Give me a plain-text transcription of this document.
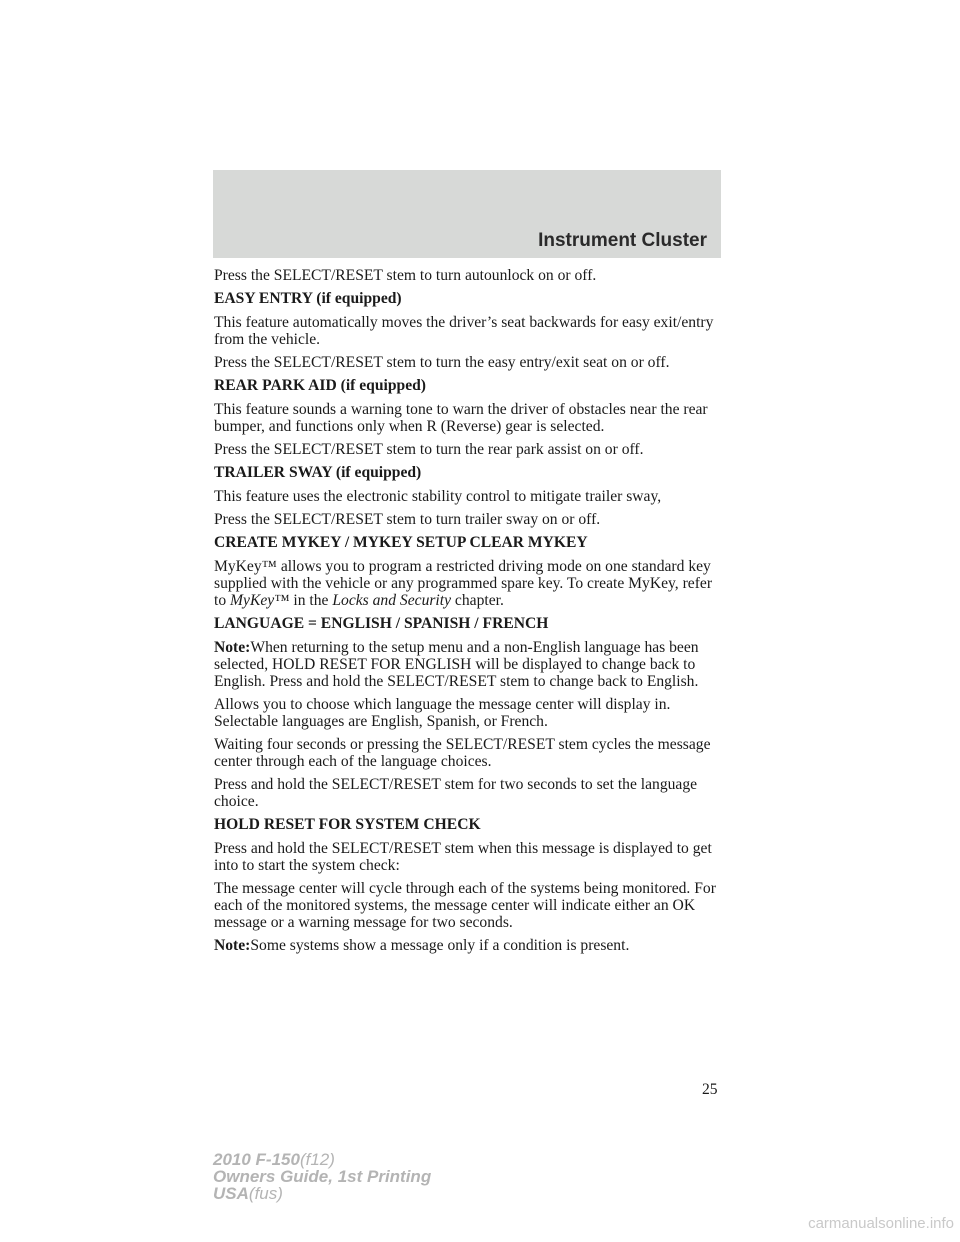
Instrument Cluster

Press the SELECT/RESET stem to turn autounlock on or off.

EASY ENTRY (if equipped)

This feature automatically moves the driver’s seat backwards for easy exit/entry from the vehicle.

Press the SELECT/RESET stem to turn the easy entry/exit seat on or off.

REAR PARK AID (if equipped)

This feature sounds a warning tone to warn the driver of obstacles near the rear bumper, and functions only when R (Reverse) gear is selected.

Press the SELECT/RESET stem to turn the rear park assist on or off.

TRAILER SWAY (if equipped)

This feature uses the electronic stability control to mitigate trailer sway,

Press the SELECT/RESET stem to turn trailer sway on or off.

CREATE MYKEY / MYKEY SETUP CLEAR MYKEY

MyKey™ allows you to program a restricted driving mode on one standard key supplied with the vehicle or any programmed spare key. To create MyKey, refer to MyKey™ in the Locks and Security chapter.

LANGUAGE = ENGLISH / SPANISH / FRENCH

Note:When returning to the setup menu and a non-English language has been selected, HOLD RESET FOR ENGLISH will be displayed to change back to English. Press and hold the SELECT/RESET stem to change back to English.

Allows you to choose which language the message center will display in. Selectable languages are English, Spanish, or French.

Waiting four seconds or pressing the SELECT/RESET stem cycles the message center through each of the language choices.

Press and hold the SELECT/RESET stem for two seconds to set the language choice.

HOLD RESET FOR SYSTEM CHECK

Press and hold the SELECT/RESET stem when this message is displayed to get into to start the system check:

The message center will cycle through each of the systems being monitored. For each of the monitored systems, the message center will indicate either an OK message or a warning message for two seconds.

Note:Some systems show a message only if a condition is present.

25
2010 F-150(f12)
Owners Guide, 1st Printing
USA(fus)
carmanualsonline.info
